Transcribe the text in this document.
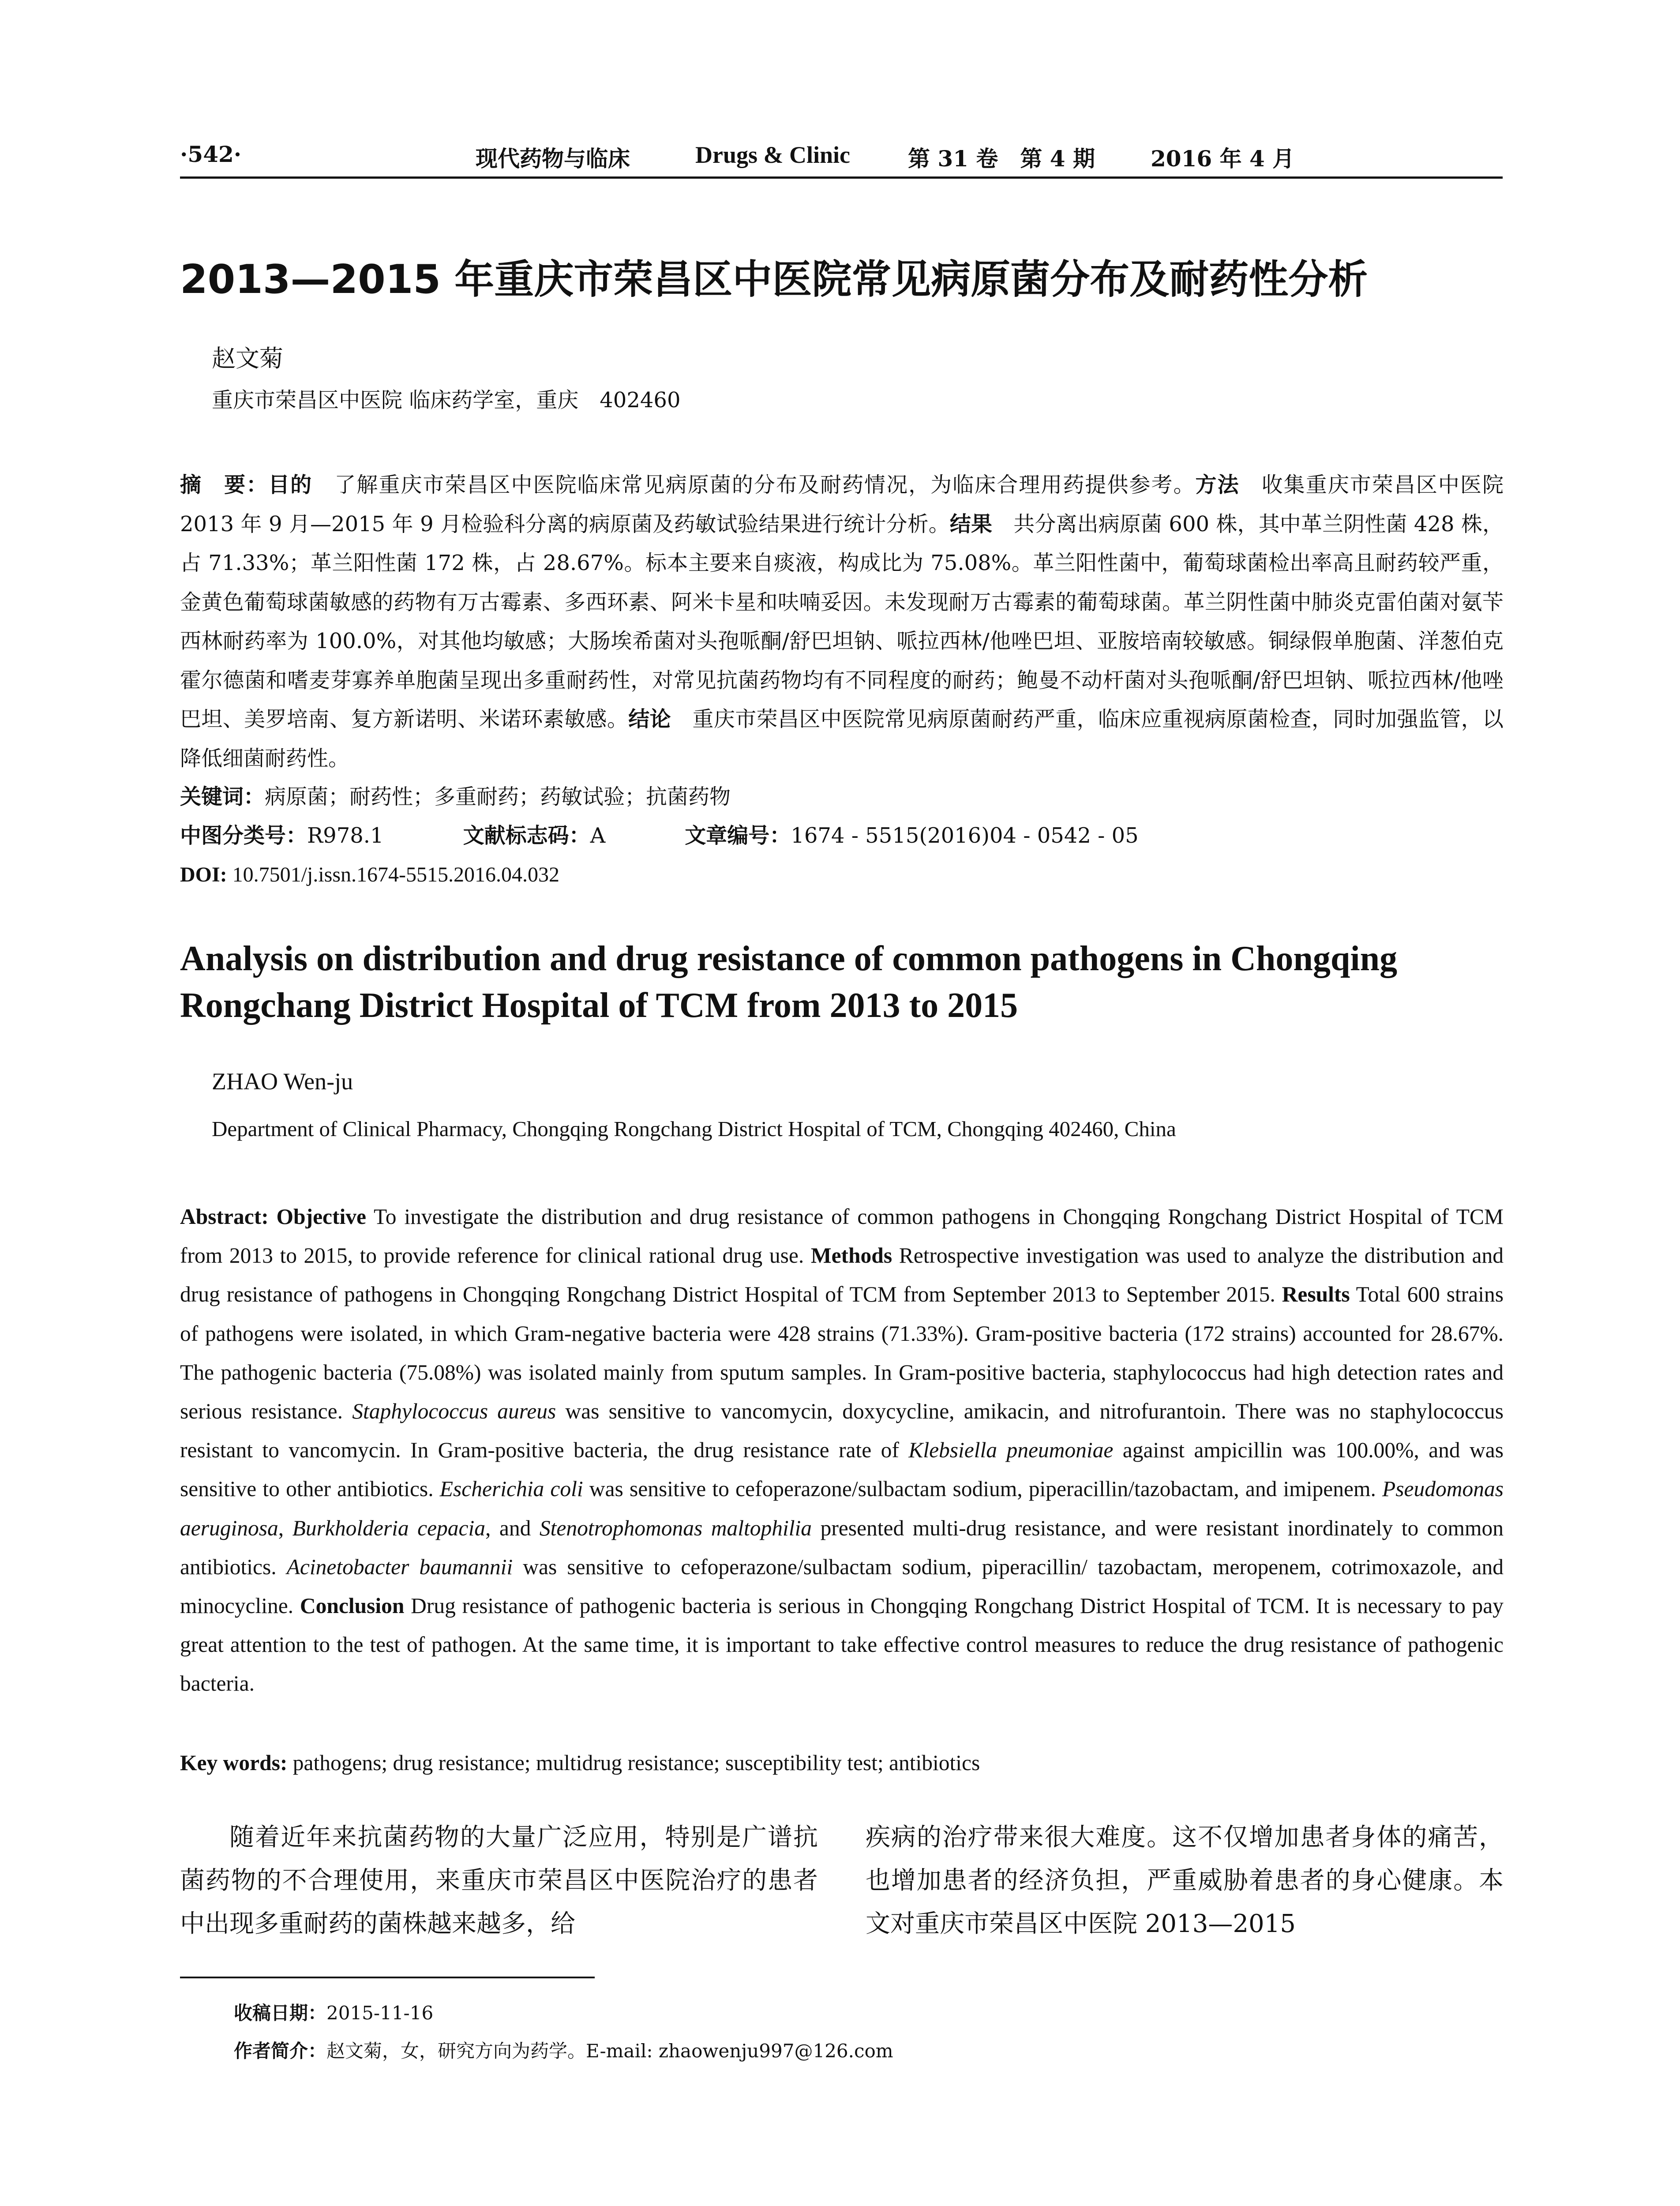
·542·	现代药物与临床	Drugs & Clinic	第 31 卷　第 4 期	2016 年 4 月
2013—2015 年重庆市荣昌区中医院常见病原菌分布及耐药性分析
赵文菊
重庆市荣昌区中医院 临床药学室，重庆　402460
摘　要：目的　了解重庆市荣昌区中医院临床常见病原菌的分布及耐药情况，为临床合理用药提供参考。方法　收集重庆市荣昌区中医院 2013 年 9 月—2015 年 9 月检验科分离的病原菌及药敏试验结果进行统计分析。结果　共分离出病原菌 600 株，其中革兰阴性菌 428 株，占 71.33%；革兰阳性菌 172 株，占 28.67%。标本主要来自痰液，构成比为 75.08%。革兰阳性菌中，葡萄球菌检出率高且耐药较严重，金黄色葡萄球菌敏感的药物有万古霉素、多西环素、阿米卡星和呋喃妥因。未发现耐万古霉素的葡萄球菌。革兰阴性菌中肺炎克雷伯菌对氨苄西林耐药率为 100.0%，对其他均敏感；大肠埃希菌对头孢哌酮/舒巴坦钠、哌拉西林/他唑巴坦、亚胺培南较敏感。铜绿假单胞菌、洋葱伯克霍尔德菌和嗜麦芽寡养单胞菌呈现出多重耐药性，对常见抗菌药物均有不同程度的耐药；鲍曼不动杆菌对头孢哌酮/舒巴坦钠、哌拉西林/他唑巴坦、美罗培南、复方新诺明、米诺环素敏感。结论　重庆市荣昌区中医院常见病原菌耐药严重，临床应重视病原菌检查，同时加强监管，以降低细菌耐药性。
关键词：病原菌；耐药性；多重耐药；药敏试验；抗菌药物
中图分类号：R978.1	文献标志码：A	文章编号：1674 - 5515(2016)04 - 0542 - 05
DOI: 10.7501/j.issn.1674-5515.2016.04.032
Analysis on distribution and drug resistance of common pathogens in Chongqing Rongchang District Hospital of TCM from 2013 to 2015
ZHAO Wen-ju
Department of Clinical Pharmacy, Chongqing Rongchang District Hospital of TCM, Chongqing 402460, China
Abstract: Objective To investigate the distribution and drug resistance of common pathogens in Chongqing Rongchang District Hospital of TCM from 2013 to 2015, to provide reference for clinical rational drug use. Methods Retrospective investigation was used to analyze the distribution and drug resistance of pathogens in Chongqing Rongchang District Hospital of TCM from September 2013 to September 2015. Results Total 600 strains of pathogens were isolated, in which Gram-negative bacteria were 428 strains (71.33%). Gram-positive bacteria (172 strains) accounted for 28.67%. The pathogenic bacteria (75.08%) was isolated mainly from sputum samples. In Gram-positive bacteria, staphylococcus had high detection rates and serious resistance. Staphylococcus aureus was sensitive to vancomycin, doxycycline, amikacin, and nitrofurantoin. There was no staphylococcus resistant to vancomycin. In Gram-positive bacteria, the drug resistance rate of Klebsiella pneumoniae against ampicillin was 100.00%, and was sensitive to other antibiotics. Escherichia coli was sensitive to cefoperazone/sulbactam sodium, piperacillin/tazobactam, and imipenem. Pseudomonas aeruginosa, Burkholderia cepacia, and Stenotrophomonas maltophilia presented multi-drug resistance, and were resistant inordinately to common antibiotics. Acinetobacter baumannii was sensitive to cefoperazone/sulbactam sodium, piperacillin/ tazobactam, meropenem, cotrimoxazole, and minocycline. Conclusion Drug resistance of pathogenic bacteria is serious in Chongqing Rongchang District Hospital of TCM. It is necessary to pay great attention to the test of pathogen. At the same time, it is important to take effective control measures to reduce the drug resistance of pathogenic bacteria.
Key words: pathogens; drug resistance; multidrug resistance; susceptibility test; antibiotics
随着近年来抗菌药物的大量广泛应用，特别是广谱抗菌药物的不合理使用，来重庆市荣昌区中医院治疗的患者中出现多重耐药的菌株越来越多，给
疾病的治疗带来很大难度。这不仅增加患者身体的痛苦，也增加患者的经济负担，严重威胁着患者的身心健康。本文对重庆市荣昌区中医院 2013—2015
收稿日期：2015-11-16
作者简介：赵文菊，女，研究方向为药学。E-mail: zhaowenju997@126.com
